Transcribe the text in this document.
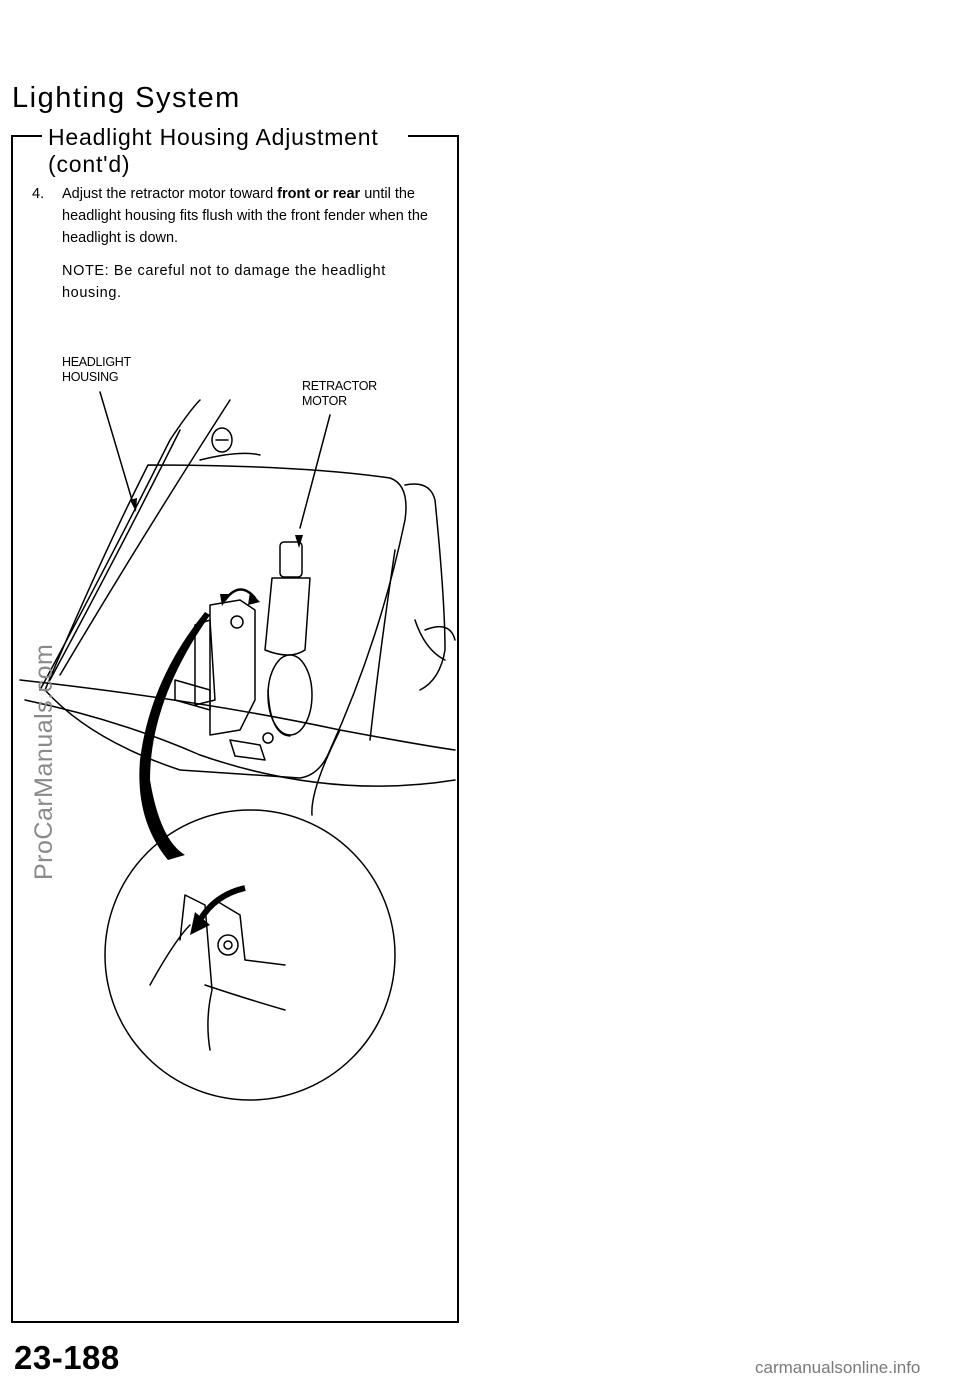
Lighting System
Headlight Housing Adjustment
(cont'd)
4. Adjust the retractor motor toward front or rear until the headlight housing fits flush with the front fender when the headlight is down.
NOTE: Be careful not to damage the headlight housing.
HEADLIGHT
HOUSING
RETRACTOR
MOTOR
ProCarManuals.com
23-188	carmanualsonline.info
